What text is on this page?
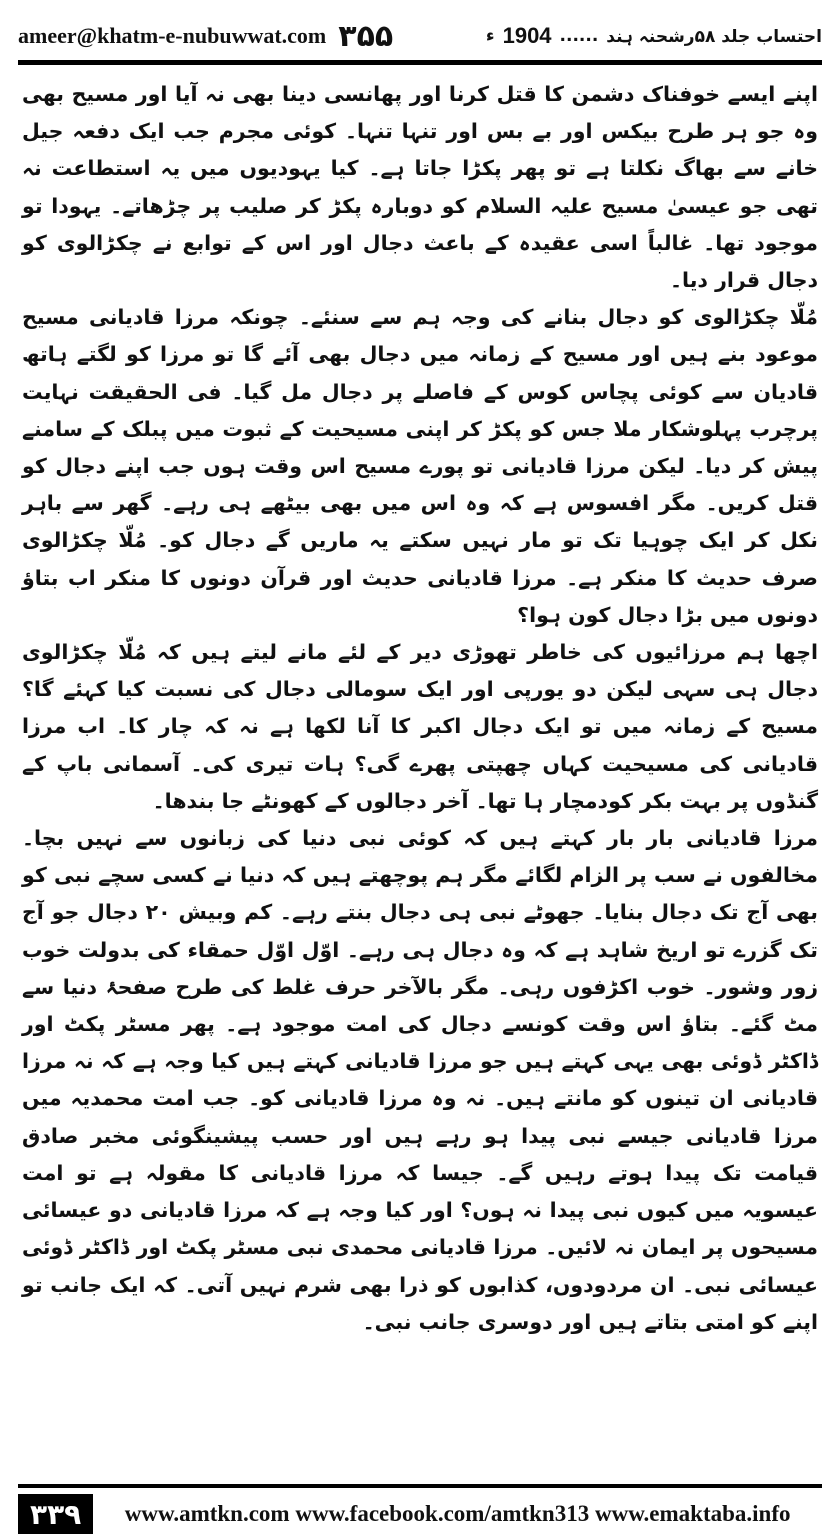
ameer@khatm-e-nubuwwat.com ۳۵۵	احتساب جلد ۵۸رشحنہ ہند
......
1904
ء

اپنے ایسے خوفناک دشمن کا قتل کرنا اور پھانسی دینا بھی نہ آیا اور مسیح بھی وہ جو ہر طرح بیکس اور بے بس اور تنہا تنہا۔ کوئی مجرم جب ایک دفعہ جیل خانے سے بھاگ نکلتا ہے تو پھر پکڑا جاتا ہے۔ کیا یہودیوں میں یہ استطاعت نہ تھی جو عیسیٰ مسیح علیہ السلام کو دوبارہ پکڑ کر صلیب پر چڑھاتے۔ یہودا تو موجود تھا۔ غالباً اسی عقیدہ کے باعث دجال اور اس کے توابع نے چکڑالوی کو دجال قرار دیا۔

مُلّا چکڑالوی کو دجال بنانے کی وجہ ہم سے سنئے۔ چونکہ مرزا قادیانی مسیح موعود بنے ہیں اور مسیح کے زمانہ میں دجال بھی آئے گا تو مرزا کو لگتے ہاتھ قادیان سے کوئی پچاس کوس کے فاصلے پر دجال مل گیا۔ فی الحقیقت نہایت پرچرب پہلوشکار ملا جس کو پکڑ کر اپنی مسیحیت کے ثبوت میں پبلک کے سامنے پیش کر دیا۔ لیکن مرزا قادیانی تو پورے مسیح اس وقت ہوں جب اپنے دجال کو قتل کریں۔ مگر افسوس ہے کہ وہ اس میں بھی بیٹھے ہی رہے۔ گھر سے باہر نکل کر ایک چوہیا تک تو مار نہیں سکتے یہ ماریں گے دجال کو۔ مُلّا چکڑالوی صرف حدیث کا منکر ہے۔ مرزا قادیانی حدیث اور قرآن دونوں کا منکر اب بتاؤ دونوں میں بڑا دجال کون ہوا؟

اچھا ہم مرزائیوں کی خاطر تھوڑی دیر کے لئے مانے لیتے ہیں کہ مُلّا چکڑالوی دجال ہی سہی لیکن دو یورپی اور ایک سومالی دجال کی نسبت کیا کہئے گا؟ مسیح کے زمانہ میں تو ایک دجال اکبر کا آنا لکھا ہے نہ کہ چار کا۔ اب مرزا قادیانی کی مسیحیت کہاں چھپتی پھرے گی؟ ہات تیری کی۔ آسمانی باپ کے گنڈوں پر بہت بکر کودمچار ہا تھا۔ آخر دجالوں کے کھونٹے جا بندھا۔

مرزا قادیانی بار بار کہتے ہیں کہ کوئی نبی دنیا کی زبانوں سے نہیں بچا۔ مخالفوں نے سب پر الزام لگائے مگر ہم پوچھتے ہیں کہ دنیا نے کسی سچے نبی کو بھی آج تک دجال بنایا۔ جھوٹے نبی ہی دجال بنتے رہے۔ کم وبیش ۲۰ دجال جو آج تک گزرے تو اریخ شاہد ہے کہ وہ دجال ہی رہے۔ اوّل اوّل حمقاء کی بدولت خوب زور وشور۔ خوب اکڑفوں رہی۔ مگر بالآخر حرف غلط کی طرح صفحۂ دنیا سے مٹ گئے۔ بتاؤ اس وقت کونسے دجال کی امت موجود ہے۔ پھر مسٹر پکٹ اور ڈاکٹر ڈوئی بھی یہی کہتے ہیں جو مرزا قادیانی کہتے ہیں کیا وجہ ہے کہ نہ مرزا قادیانی ان تینوں کو مانتے ہیں۔ نہ وہ مرزا قادیانی کو۔ جب امت محمدیہ میں مرزا قادیانی جیسے نبی پیدا ہو رہے ہیں اور حسب پیشینگوئی مخبر صادق قیامت تک پیدا ہوتے رہیں گے۔ جیسا کہ مرزا قادیانی کا مقولہ ہے تو امت عیسویہ میں کیوں نبی پیدا نہ ہوں؟ اور کیا وجہ ہے کہ مرزا قادیانی دو عیسائی مسیحوں پر ایمان نہ لائیں۔ مرزا قادیانی محمدی نبی مسٹر پکٹ اور ڈاکٹر ڈوئی عیسائی نبی۔ ان مردودوں، کذابوں کو ذرا بھی شرم نہیں آتی۔ کہ ایک جانب تو اپنے کو امتی بتاتے ہیں اور دوسری جانب نبی۔

۳۳۹	www.amtkn.com www.facebook.com/amtkn313 www.emaktaba.info
